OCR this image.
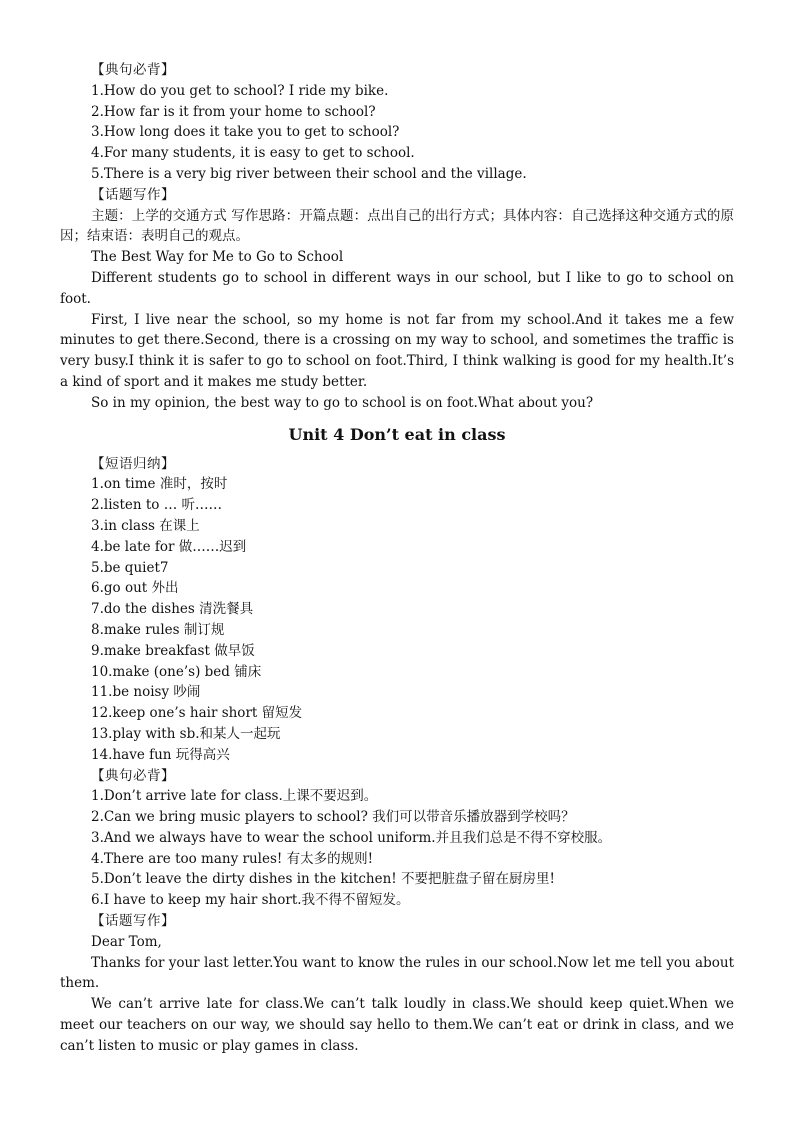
【典句必背】
1.How do you get to school? I ride my bike.
2.How far is it from your home to school?
3.How long does it take you to get to school?
4.For many students, it is easy to get to school.
5.There is a very big river between their school and the village.
【话题写作】
主题：上学的交通方式 写作思路：开篇点题：点出自己的出行方式；具体内容：自己选择这种交通方式的原因；结束语：表明自己的观点。
The Best Way for Me to Go to School
Different students go to school in different ways in our school, but I like to go to school on foot.
First, I live near the school, so my home is not far from my school.And it takes me a few minutes to get there.Second, there is a crossing on my way to school, and sometimes the traffic is very busy.I think it is safer to go to school on foot.Third, I think walking is good for my health.It’s a kind of sport and it makes me study better.
So in my opinion, the best way to go to school is on foot.What about you?
Unit 4 Don’t eat in class
【短语归纳】
1.on time 准时，按时
2.listen to … 听……
3.in class 在课上
4.be late for 做……迟到
5.be quiet7
6.go out 外出
7.do the dishes 清洗餐具
8.make rules 制订规
9.make breakfast 做早饭
10.make (one’s) bed 铺床
11.be noisy 吵闹
12.keep one’s hair short 留短发
13.play with sb.和某人一起玩
14.have fun 玩得高兴
【典句必背】
1.Don’t arrive late for class.上课不要迟到。
2.Can we bring music players to school? 我们可以带音乐播放器到学校吗？
3.And we always have to wear the school uniform.并且我们总是不得不穿校服。
4.There are too many rules! 有太多的规则!
5.Don’t leave the dirty dishes in the kitchen! 不要把脏盘子留在厨房里!
6.I have to keep my hair short.我不得不留短发。
【话题写作】
Dear Tom,
Thanks for your last letter.You want to know the rules in our school.Now let me tell you about them.
We can’t arrive late for class.We can’t talk loudly in class.We should keep quiet.When we meet our teachers on our way, we should say hello to them.We can’t eat or drink in class, and we can’t listen to music or play games in class.
